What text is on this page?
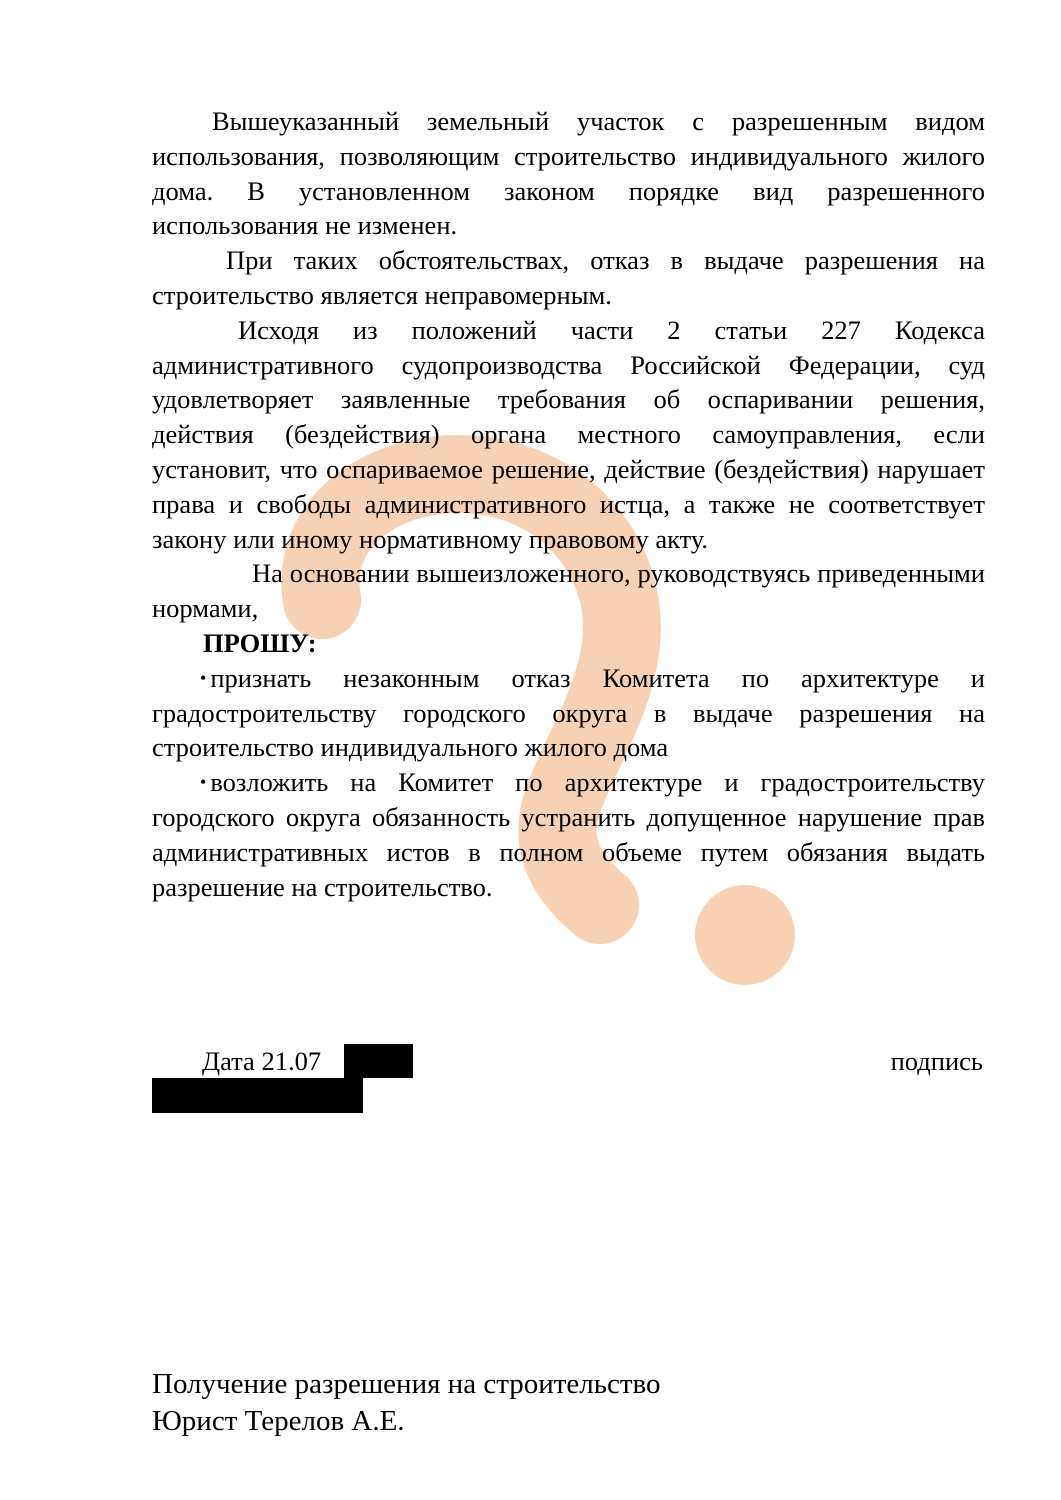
Вышеуказанный земельный участок с разрешенным видом использования, позволяющим строительство индивидуального жилого дома. В установленном законом порядке вид разрешенного использования не изменен.

При таких обстоятельствах, отказ в выдаче разрешения на строительство является неправомерным.

Исходя из положений части 2 статьи 227 Кодекса административного судопроизводства Российской Федерации, суд удовлетворяет заявленные требования об оспаривании решения, действия (бездействия) органа местного самоуправления, если установит, что оспариваемое решение, действие (бездействия) нарушает права и свободы административного истца, а также не соответствует закону или иному нормативному правовому акту.

На основании вышеизложенного, руководствуясь приведенными нормами,

ПРОШУ:

• признать незаконным отказ Комитета по архитектуре и градостроительству городского округа в выдаче разрешения на строительство индивидуального жилого дома

• возложить на Комитет по архитектуре и градостроительству городского округа обязанность устранить допущенное нарушение прав административных истов в полном объеме путем обязания выдать разрешение на строительство.

Дата 21.07	подпись
Получение разрешения на строительство
Юрист Терелов А.Е.
